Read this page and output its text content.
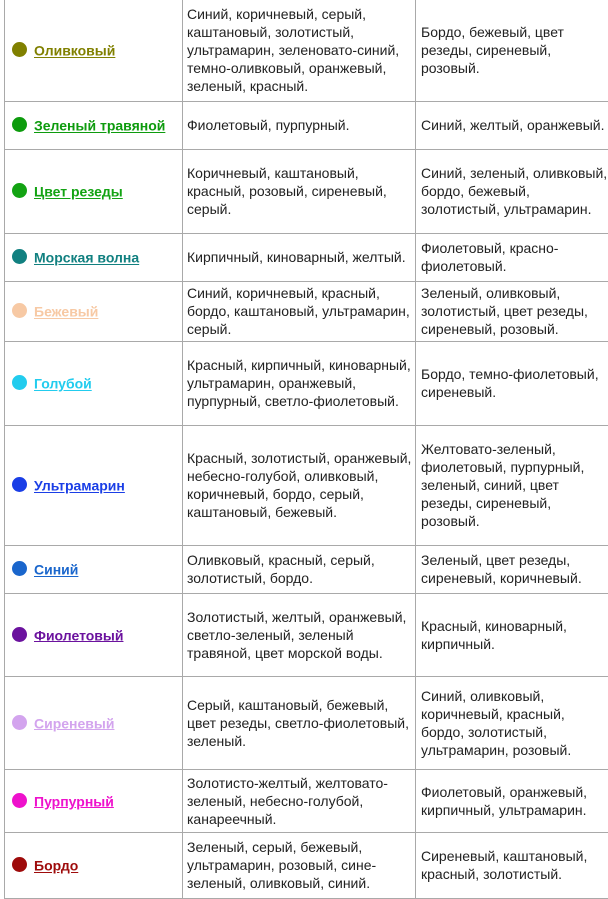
Оливковый	Синий, коричневый, серый, каштановый, золотистый, ультрамарин, зеленовато-синий, темно-оливковый, оранжевый, зеленый, красный.	Бордо, бежевый, цвет резеды, сиреневый, розовый.
Зеленый травяной	Фиолетовый, пурпурный.	Синий, желтый, оранжевый.
Цвет резеды	Коричневый, каштановый, красный, розовый, сиреневый, серый.	Синий, зеленый, оливковый, бордо, бежевый, золотистый, ультрамарин.
Морская волна	Кирпичный, киноварный, желтый.	Фиолетовый, красно-фиолетовый.
Бежевый	Синий, коричневый, красный, бордо, каштановый, ультрамарин, серый.	Зеленый, оливковый, золотистый, цвет резеды, сиреневый, розовый.
Голубой	Красный, кирпичный, киноварный, ультрамарин, оранжевый, пурпурный, светло-фиолетовый.	Бордо, темно-фиолетовый, сиреневый.
Ультрамарин	Красный, золотистый, оранжевый, небесно-голубой, оливковый, коричневый, бордо, серый, каштановый, бежевый.	Желтовато-зеленый, фиолетовый, пурпурный, зеленый, синий, цвет резеды, сиреневый, розовый.
Синий	Оливковый, красный, серый, золотистый, бордо.	Зеленый, цвет резеды, сиреневый, коричневый.
Фиолетовый	Золотистый, желтый, оранжевый, светло-зеленый, зеленый травяной, цвет морской воды.	Красный, киноварный, кирпичный.
Сиреневый	Серый, каштановый, бежевый, цвет резеды, светло-фиолетовый, зеленый.	Синий, оливковый, коричневый, красный, бордо, золотистый, ультрамарин, розовый.
Пурпурный	Золотисто-желтый, желтовато-зеленый, небесно-голубой, канареечный.	Фиолетовый, оранжевый, кирпичный, ультрамарин.
Бордо	Зеленый, серый, бежевый, ультрамарин, розовый, сине-зеленый, оливковый, синий.	Сиреневый, каштановый, красный, золотистый.
